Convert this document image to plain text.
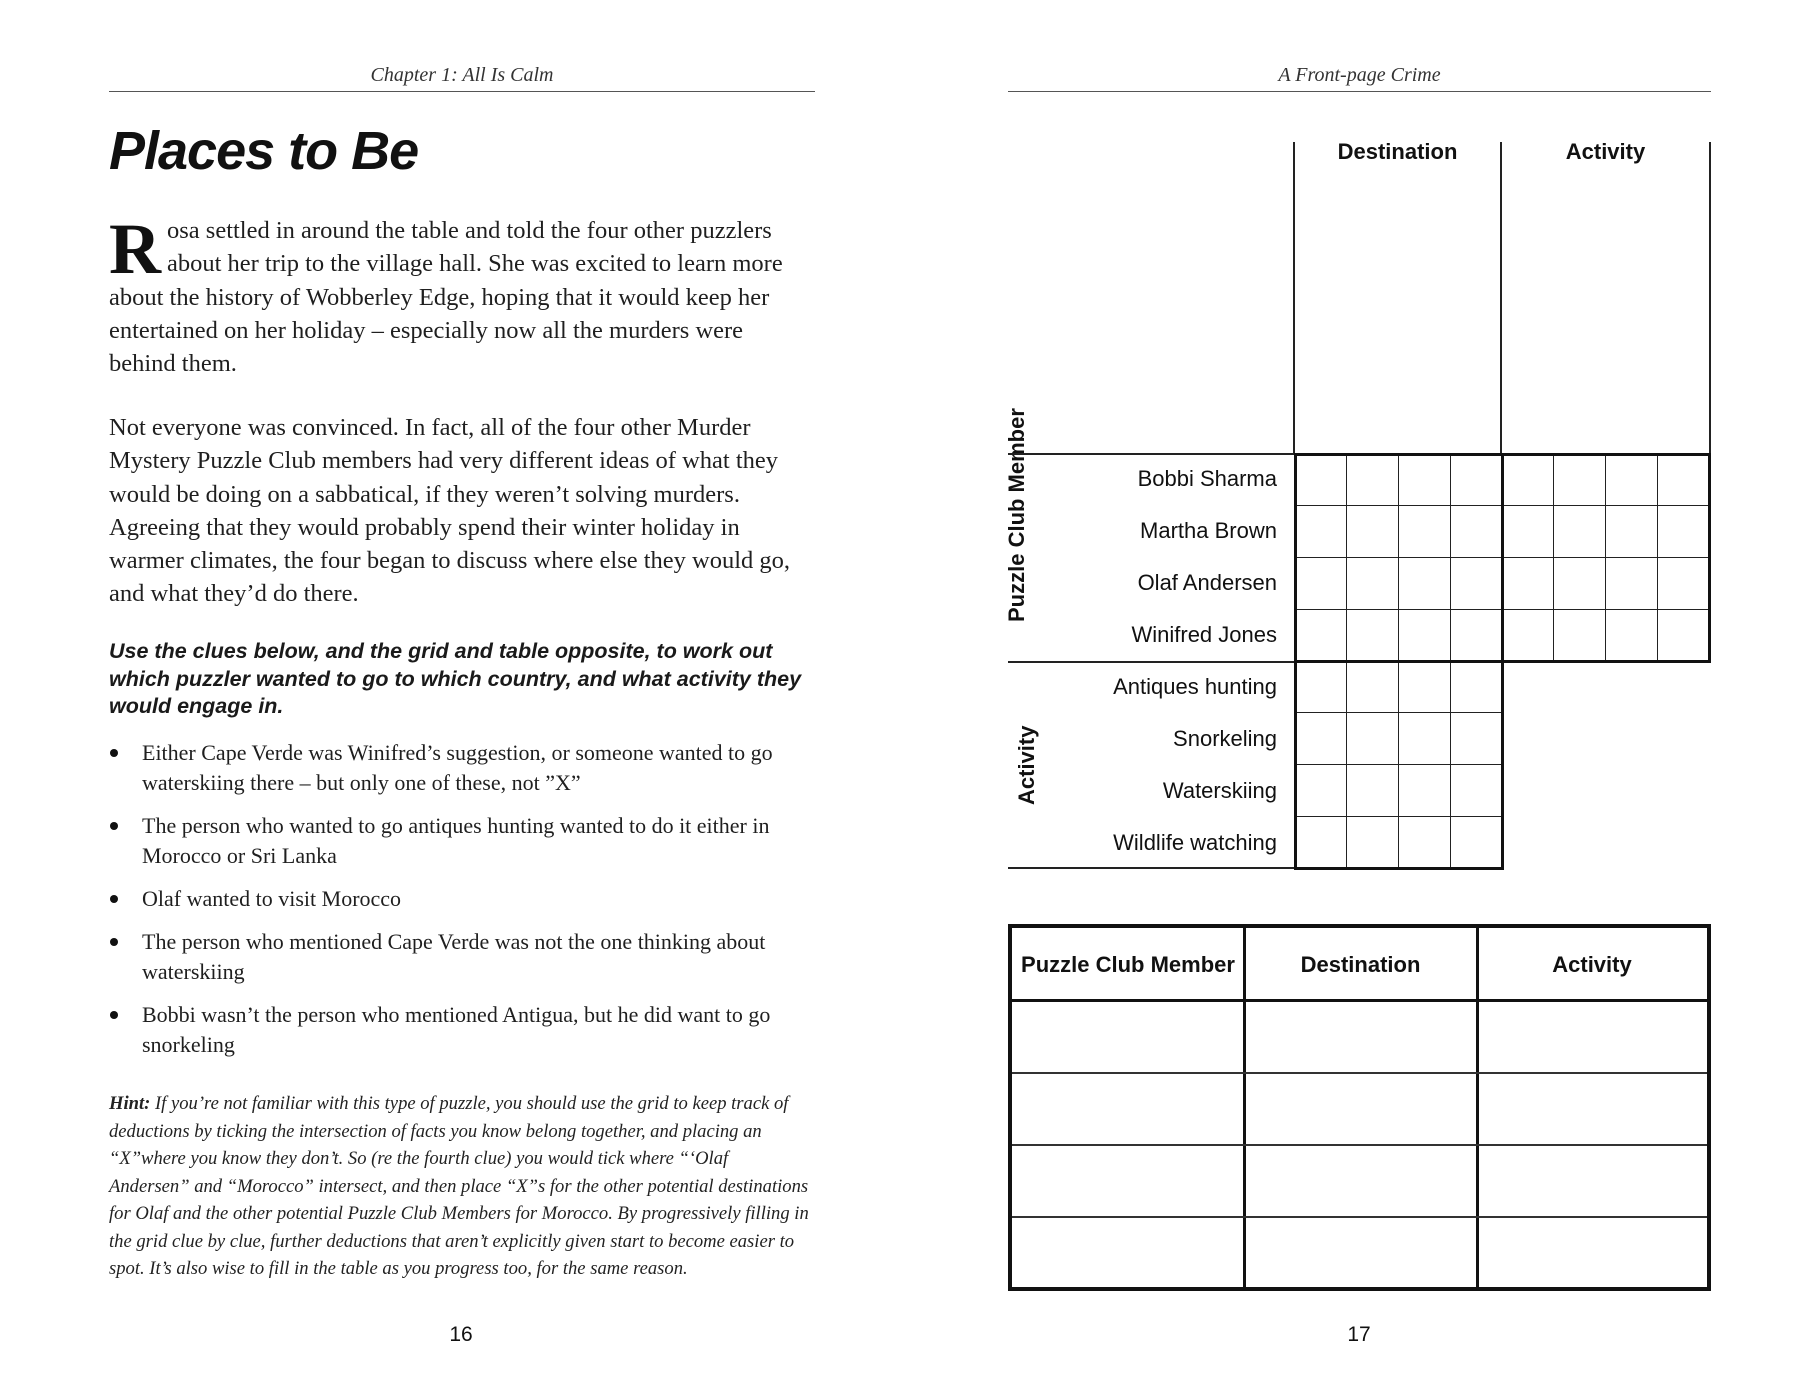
Chapter 1: All Is Calm
Places to Be
Rosa settled in around the table and told the four other puzzlers about her trip to the village hall. She was excited to learn more about the history of Wobberley Edge, hoping that it would keep her entertained on her holiday – especially now all the murders were behind them.
Not everyone was convinced. In fact, all of the four other Murder Mystery Puzzle Club members had very different ideas of what they would be doing on a sabbatical, if they weren’t solving murders. Agreeing that they would probably spend their winter holiday in warmer climates, the four began to discuss where else they would go, and what they’d do there.
Use the clues below, and the grid and table opposite, to work out which puzzler wanted to go to which country, and what activity they would engage in.
Either Cape Verde was Winifred’s suggestion, or someone wanted to go waterskiing there – but only one of these, not ”X”
The person who wanted to go antiques hunting wanted to do it either in Morocco or Sri Lanka
Olaf wanted to visit Morocco
The person who mentioned Cape Verde was not the one thinking about waterskiing
Bobbi wasn’t the person who mentioned Antigua, but he did want to go snorkeling
Hint: If you’re not familiar with this type of puzzle, you should use the grid to keep track of deductions by ticking the intersection of facts you know belong together, and placing an “X”where you know they don’t. So (re the fourth clue) you would tick where “‘Olaf Andersen” and “Morocco” intersect, and then place “X”s for the other potential destinations for Olaf and the other potential Puzzle Club Members for Morocco. By progressively filling in the grid clue by clue, further deductions that aren’t explicitly given start to become easier to spot. It’s also wise to fill in the table as you progress too, for the same reason.
16
A Front-page Crime
Destination	Activity
Puzzle Club Member
Activity
Bobbi Sharma
Martha Brown
Olaf Andersen
Winifred Jones
Antiques hunting
Snorkeling
Waterskiing
Wildlife watching
Puzzle Club Member	Destination	Activity
17
